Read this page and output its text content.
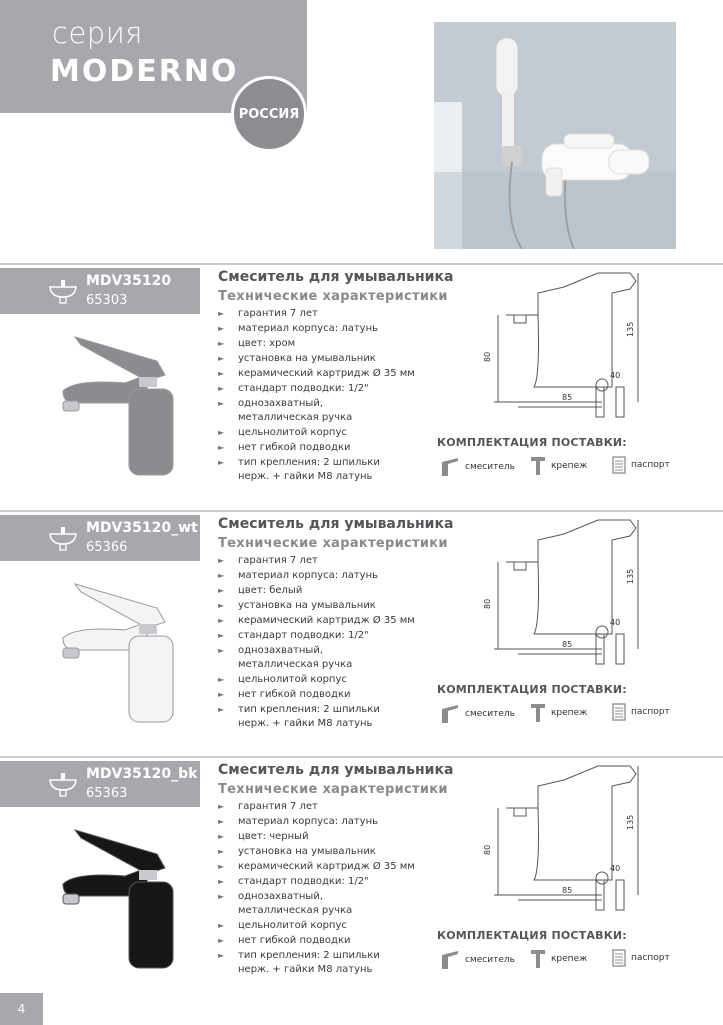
серия
MODERNO
РОССИЯ
MDV35120
65303
Смеситель для умывальника
Технические характеристики
► гарантия 7 лет
► материал корпуса: латунь
► цвет: хром
► установка на умывальник
► керамический картридж Ø 35 мм
► стандарт подводки: 1/2"
► однозахватный,
металлическая ручка
► цельнолитой корпус
► нет гибкой подводки
► тип крепления: 2 шпильки
нерж. + гайки М8 латунь
135
80
85
40
КОМПЛЕКТАЦИЯ ПОСТАВКИ:
смеситель	крепеж	паспорт
MDV35120_wt
65366
Смеситель для умывальника
Технические характеристики
► гарантия 7 лет
► материал корпуса: латунь
► цвет: белый
► установка на умывальник
► керамический картридж Ø 35 мм
► стандарт подводки: 1/2"
► однозахватный,
металлическая ручка
► цельнолитой корпус
► нет гибкой подводки
► тип крепления: 2 шпильки
нерж. + гайки М8 латунь
135
80
85
40
КОМПЛЕКТАЦИЯ ПОСТАВКИ:
смеситель	крепеж	паспорт
MDV35120_bk
65363
Смеситель для умывальника
Технические характеристики
► гарантия 7 лет
► материал корпуса: латунь
► цвет: черный
► установка на умывальник
► керамический картридж Ø 35 мм
► стандарт подводки: 1/2"
► однозахватный,
металлическая ручка
► цельнолитой корпус
► нет гибкой подводки
► тип крепления: 2 шпильки
нерж. + гайки М8 латунь
135
80
85
40
КОМПЛЕКТАЦИЯ ПОСТАВКИ:
смеситель	крепеж	паспорт
4
